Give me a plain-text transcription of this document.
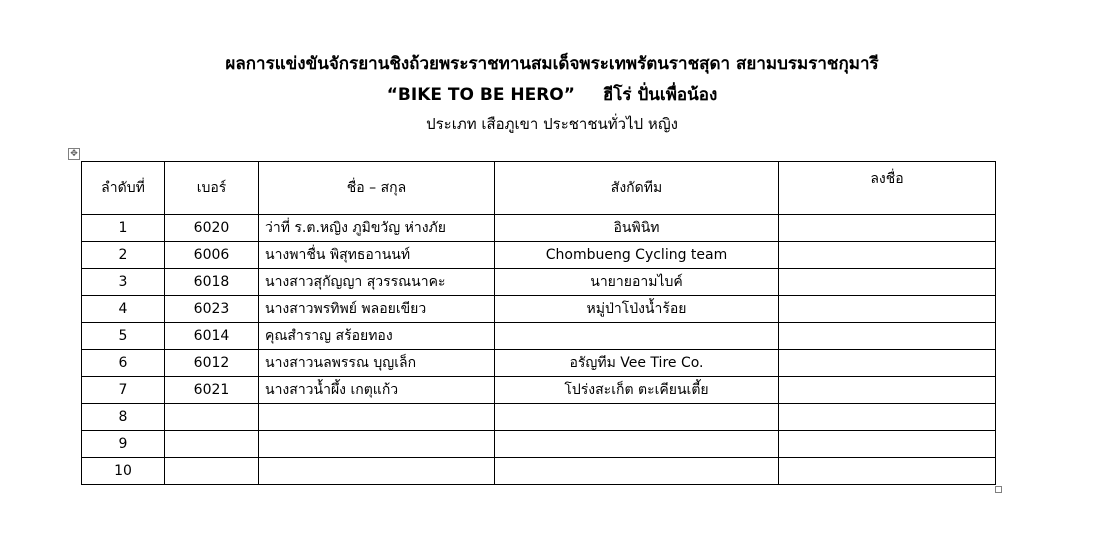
ผลการแข่งขันจักรยานชิงถ้วยพระราชทานสมเด็จพระเทพรัตนราชสุดา สยามบรมราชกุมารี
“BIKE TO BE HERO” ฮีโร่ ปั่นเพื่อน้อง
ประเภท เสือภูเขา ประชาชนทั่วไป หญิง
✥
ลำดับที่	เบอร์	ชื่อ – สกุล	สังกัดทีม	ลงชื่อ
1	6020	ว่าที่ ร.ต.หญิง ภูมิขวัญ ห่างภัย	อินพินิท	
2	6006	นางพาชื่น พิสุทธอานนท์	Chombueng Cycling team	
3	6018	นางสาวสุกัญญา สุวรรณนาคะ	นายายอามไบค์	
4	6023	นางสาวพรทิพย์ พลอยเขียว	หมู่ป่าโป่งน้ำร้อย	
5	6014	คุณสำราญ สร้อยทอง		
6	6012	นางสาวนลพรรณ บุญเล็ก	อรัญทีม Vee Tire Co.	
7	6021	นางสาวน้ำผึ้ง เกตุแก้ว	โปร่งสะเก็ต ตะเคียนเตี้ย	
8				
9				
10				
